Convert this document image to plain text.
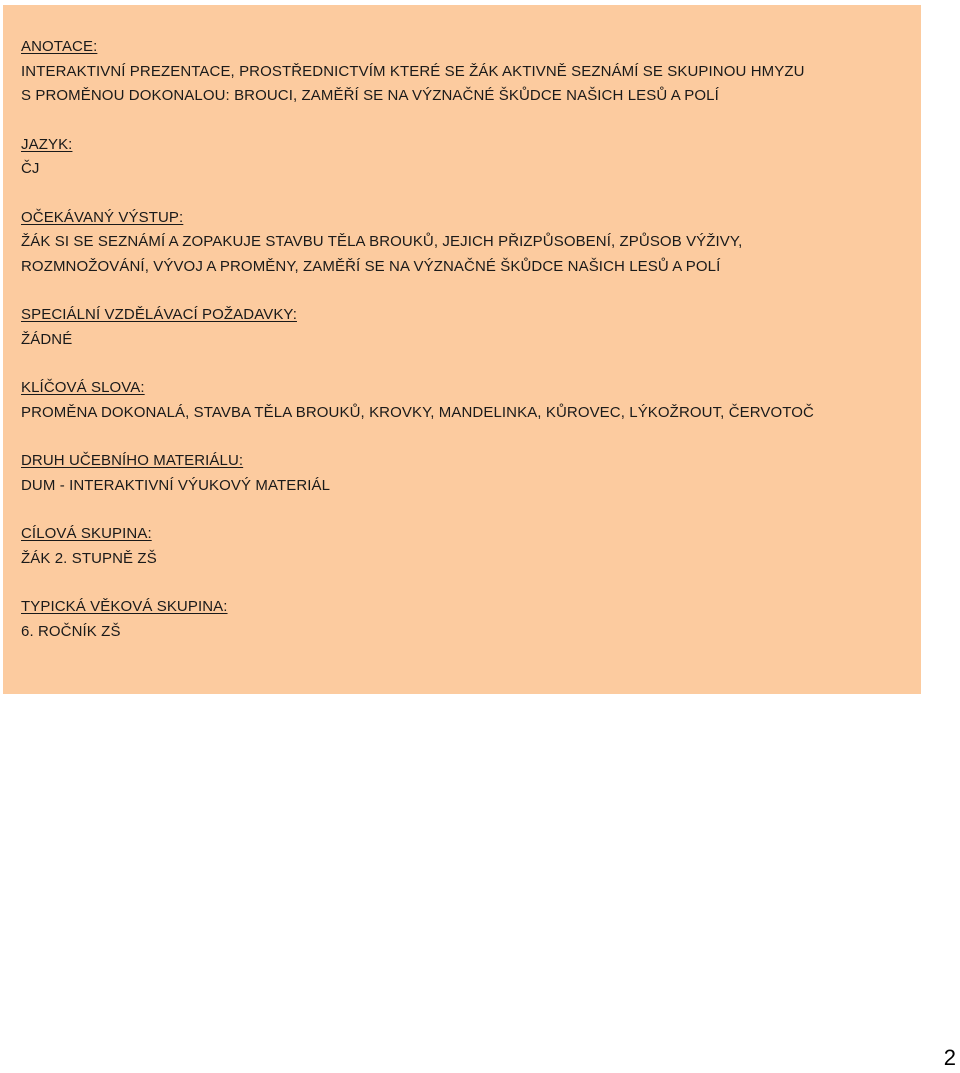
ANOTACE:
INTERAKTIVNÍ PREZENTACE, PROSTŘEDNICTVÍM KTERÉ SE ŽÁK AKTIVNĚ SEZNÁMÍ SE SKUPINOU HMYZU
S PROMĚNOU DOKONALOU: BROUCI, ZAMĚŘÍ SE NA VÝZNAČNÉ ŠKŮDCE NAŠICH LESŮ A POLÍ
JAZYK:
ČJ
OČEKÁVANÝ VÝSTUP:
ŽÁK SI SE SEZNÁMÍ A ZOPAKUJE STAVBU TĚLA BROUKŮ, JEJICH PŘIZPŮSOBENÍ, ZPŮSOB VÝŽIVY,
ROZMNOŽOVÁNÍ, VÝVOJ A PROMĚNY, ZAMĚŘÍ SE NA VÝZNAČNÉ ŠKŮDCE NAŠICH LESŮ A POLÍ
SPECIÁLNÍ VZDĚLÁVACÍ POŽADAVKY:
ŽÁDNÉ
KLÍČOVÁ SLOVA:
PROMĚNA DOKONALÁ, STAVBA TĚLA BROUKŮ, KROVKY, MANDELINKA, KŮROVEC, LÝKOŽROUT, ČERVOTOČ
DRUH UČEBNÍHO MATERIÁLU:
DUM - INTERAKTIVNÍ VÝUKOVÝ MATERIÁL
CÍLOVÁ SKUPINA:
ŽÁK 2. STUPNĚ ZŠ
TYPICKÁ VĚKOVÁ SKUPINA:
6. ROČNÍK ZŠ
2
